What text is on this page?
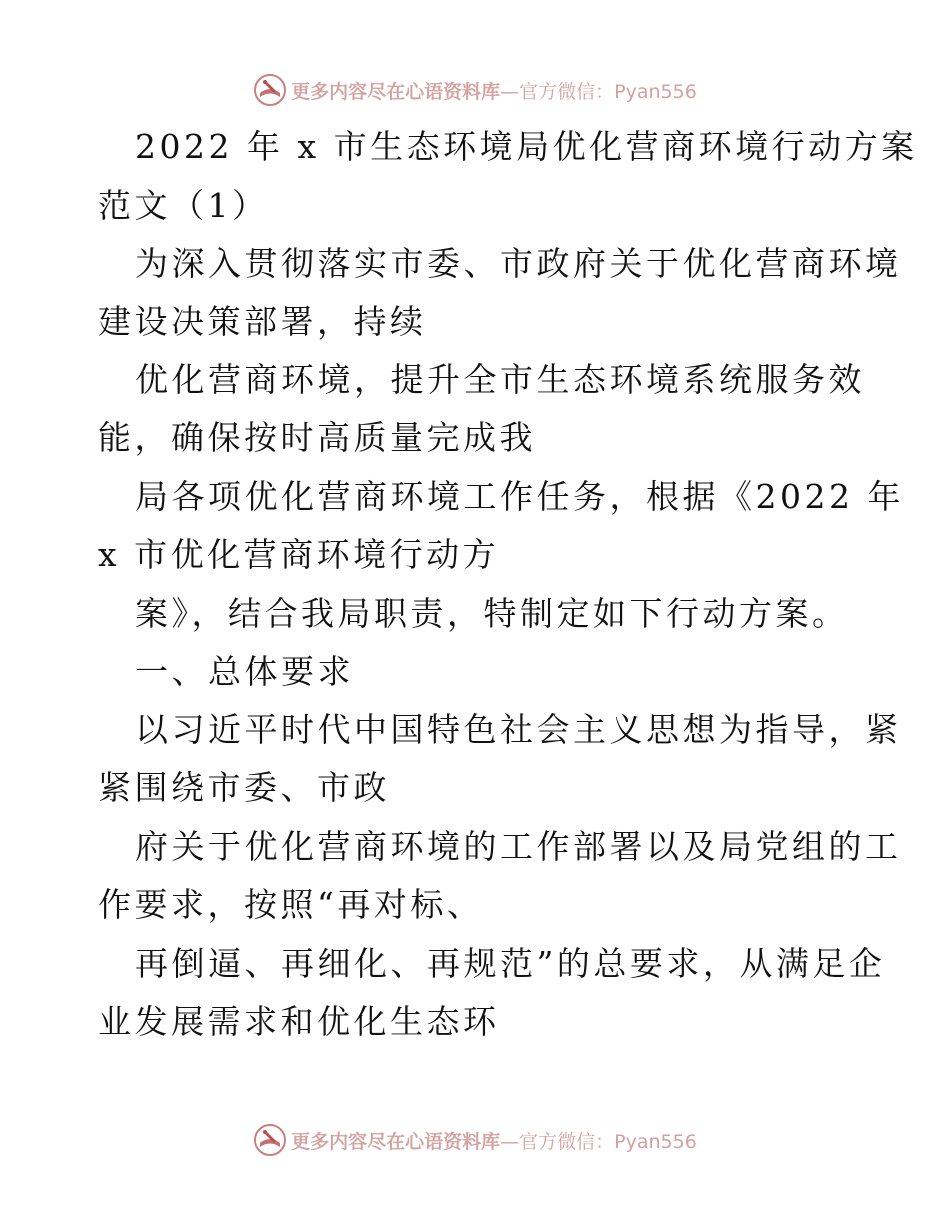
更多内容尽在心语资料库 —官方微信：Pyan556
2022 年 x 市生态环境局优化营商环境行动方案
范文（1）
为深入贯彻落实市委、市政府关于优化营商环境
建设决策部署，持续
优化营商环境，提升全市生态环境系统服务效
能，确保按时高质量完成我
局各项优化营商环境工作任务，根据《2022 年
x 市优化营商环境行动方
案》，结合我局职责，特制定如下行动方案。
一、总体要求
以习近平时代中国特色社会主义思想为指导，紧
紧围绕市委、市政
府关于优化营商环境的工作部署以及局党组的工
作要求，按照“再对标、
再倒逼、再细化、再规范”的总要求，从满足企
业发展需求和优化生态环
更多内容尽在心语资料库 —官方微信：Pyan556
